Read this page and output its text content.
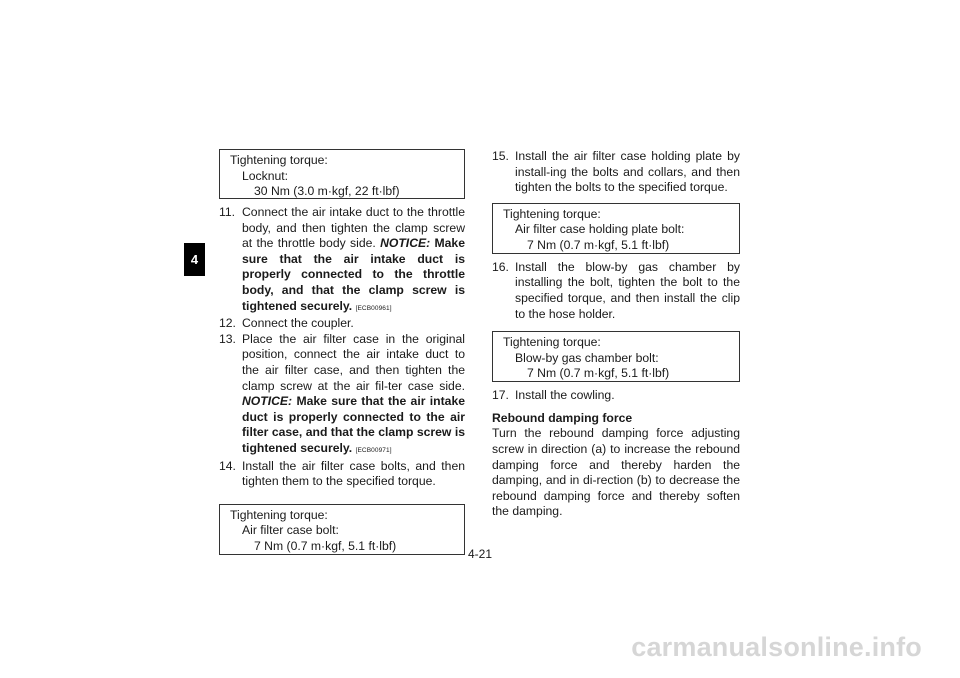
4
Tightening torque:
Locknut:
30 Nm (3.0 m·kgf, 22 ft·lbf)
11. Connect the air intake duct to the throttle body, and then tighten the clamp screw at the throttle body side. NOTICE: Make sure that the air intake duct is properly connected to the throttle body, and that the clamp screw is tightened securely. [ECB00961]
12. Connect the coupler.
13. Place the air filter case in the original position, connect the air intake duct to the air filter case, and then tighten the clamp screw at the air fil-ter case side. NOTICE: Make sure that the air intake duct is properly connected to the air filter case, and that the clamp screw is tightened securely. [ECB00971]
14. Install the air filter case bolts, and then tighten them to the specified torque.
Tightening torque:
Air filter case bolt:
7 Nm (0.7 m·kgf, 5.1 ft·lbf)
15. Install the air filter case holding plate by install-ing the bolts and collars, and then tighten the bolts to the specified torque.
Tightening torque:
Air filter case holding plate bolt:
7 Nm (0.7 m·kgf, 5.1 ft·lbf)
16. Install the blow-by gas chamber by installing the bolt, tighten the bolt to the specified torque, and then install the clip to the hose holder.
Tightening torque:
Blow-by gas chamber bolt:
7 Nm (0.7 m·kgf, 5.1 ft·lbf)
17. Install the cowling.
Rebound damping force
Turn the rebound damping force adjusting screw in direction (a) to increase the rebound damping force and thereby harden the damping, and in di-rection (b) to decrease the rebound damping force and thereby soften the damping.
4-21
carmanualsonline.info
